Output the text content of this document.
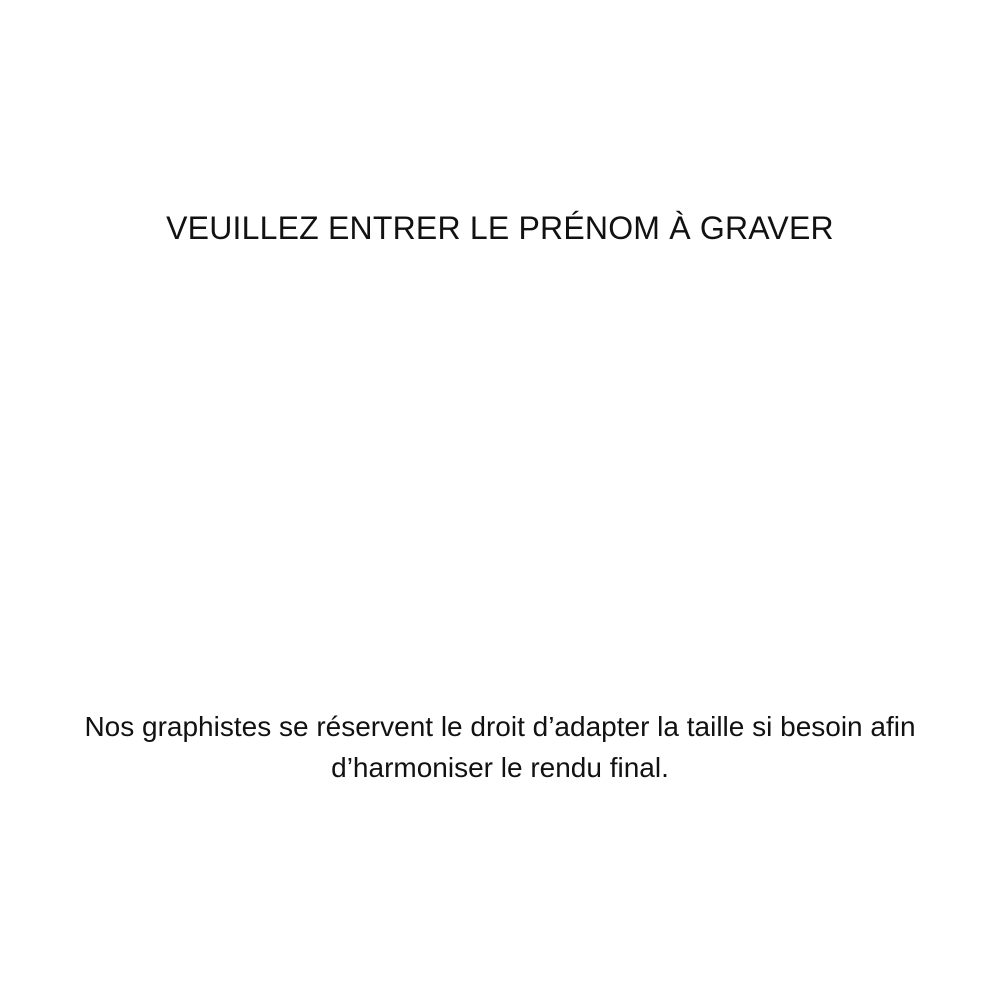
VEUILLEZ ENTRER LE PRÉNOM À GRAVER
Nos graphistes se réservent le droit d’adapter la taille si besoin afin d’harmoniser le rendu final.
